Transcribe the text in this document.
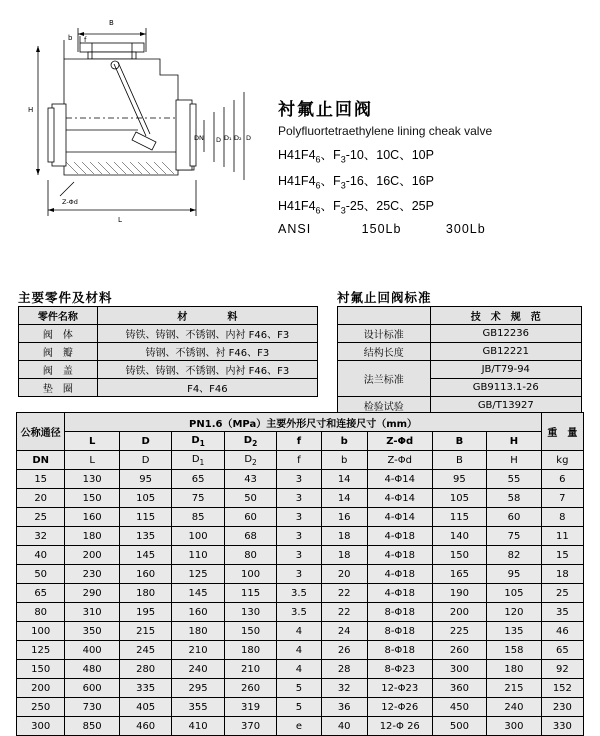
B
b f
H
DN D D₁ D₂ D
Z-Φd
L
衬氟止回阀
Polyfluortetraethylene lining cheak valve
$H41F4_6$、$F_3-10$、10C、10P
$H41F4_6$、$F_3-16$、16C、16P
$H41F4_6$、$F_3-25$、25C、25P
ANSI	150Lb	300Lb
主要零件及材料	衬氟止回阀标准
零件名称	材　　　　料
阀　体	铸铁、铸钢、不锈钢、内衬 F46、F3
阀　瓣	铸钢、不锈钢、衬 F46、F3
阀　盖	铸铁、铸钢、不锈钢、内衬 F46、F3
垫　圈	F4、F46
	技　术　规　范
设计标准	GB12236
结构长度	GB12221
法兰标准	JB/T79-94
	GB9113.1-26
检验试验	GB/T13927
公称通径	PN1.6（MPa）主要外形尺寸和连接尺寸（mm）									重　量
	L	D	$D_1$	$D_2$	f	b	Z-Φd	B	H	
DN	L	D	$D_1$	$D_2$	f	b	Z-Φd	B	H	kg
15	130	95	65	43	3	14	4-Φ14	95	55	6
20	150	105	75	50	3	14	4-Φ14	105	58	7
25	160	115	85	60	3	16	4-Φ14	115	60	8
32	180	135	100	68	3	18	4-Φ18	140	75	11
40	200	145	110	80	3	18	4-Φ18	150	82	15
50	230	160	125	100	3	20	4-Φ18	165	95	18
65	290	180	145	115	3.5	22	4-Φ18	190	105	25
80	310	195	160	130	3.5	22	8-Φ18	200	120	35
100	350	215	180	150	4	24	8-Φ18	225	135	46
125	400	245	210	180	4	26	8-Φ18	260	158	65
150	480	280	240	210	4	28	8-Φ23	300	180	92
200	600	335	295	260	5	32	12-Φ23	360	215	152
250	730	405	355	319	5	36	12-Φ26	450	240	230
300	850	460	410	370	e	40	12-Φ 26	500	300	330
